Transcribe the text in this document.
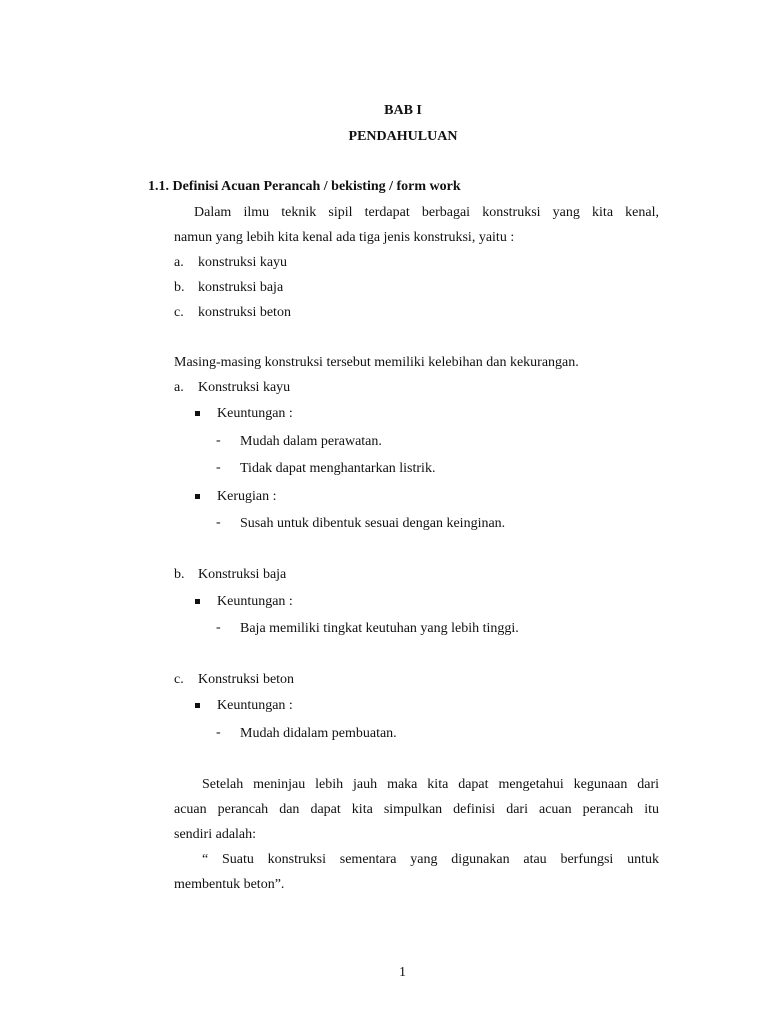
BAB I
PENDAHULUAN
1.1. Definisi Acuan Perancah / bekisting / form work
Dalam ilmu teknik sipil terdapat berbagai konstruksi yang kita kenal,
namun yang lebih kita kenal ada tiga jenis konstruksi, yaitu :
a. konstruksi kayu
b. konstruksi baja
c. konstruksi beton
Masing-masing konstruksi tersebut memiliki kelebihan dan kekurangan.
a. Konstruksi kayu
Keuntungan :
- Mudah dalam perawatan.
- Tidak dapat menghantarkan listrik.
Kerugian :
- Susah untuk dibentuk sesuai dengan keinginan.
b. Konstruksi baja
Keuntungan :
- Baja memiliki tingkat keutuhan yang lebih tinggi.
c. Konstruksi beton
Keuntungan :
- Mudah didalam pembuatan.
Setelah meninjau lebih jauh maka kita dapat mengetahui kegunaan dari
acuan perancah dan dapat kita simpulkan definisi dari acuan perancah itu
sendiri adalah:
“ Suatu konstruksi sementara yang digunakan atau berfungsi untuk
membentuk beton”.
1
